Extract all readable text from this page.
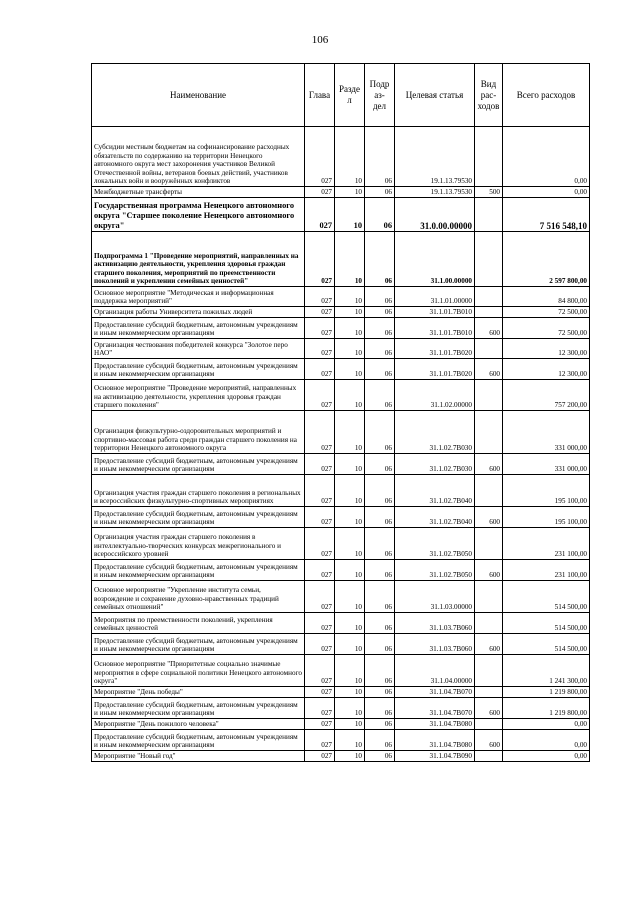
106
Наименование	Глава	Разде л	Подр аз- дел	Целевая статья	Вид рас- ходов	Всего расходов
Субсидии местным бюджетам на софинансирование расходных обязательств по содержанию на территории Ненецкого автономного округа мест захоронения участников Великой Отечественной войны, ветеранов боевых действий, участников локальных войн и вооружённых конфликтов	027	10	06	19.1.13.79530		0,00
Межбюджетные трансферты	027	10	06	19.1.13.79530	500	0,00
Государственная программа Ненецкого автономного округа "Старшее поколение Ненецкого автономного округа"	027	10	06	31.0.00.00000		7 516 548,10
Подпрограмма 1 "Проведение мероприятий, направленных на активизацию деятельности, укрепления здоровья граждан старшего поколения, мероприятий по преемственности поколений и укреплении семейных ценностей"	027	10	06	31.1.00.00000		2 597 800,00
Основное мероприятие "Методическая и информационная поддержка мероприятий"	027	10	06	31.1.01.00000		84 800,00
Организация работы Университета пожилых людей	027	10	06	31.1.01.7В010		72 500,00
Предоставление субсидий бюджетным, автономным учреждениям и иным некоммерческим организациям	027	10	06	31.1.01.7В010	600	72 500,00
Организация чествования победителей конкурса "Золотое перо НАО"	027	10	06	31.1.01.7В020		12 300,00
Предоставление субсидий бюджетным, автономным учреждениям и иным некоммерческим организациям	027	10	06	31.1.01.7В020	600	12 300,00
Основное мероприятие "Проведение мероприятий, направленных на активизацию деятельности, укрепления здоровья граждан старшего поколения"	027	10	06	31.1.02.00000		757 200,00
Организация физкультурно-оздоровительных мероприятий и спортивно-массовая работа среди граждан старшего поколения на территории Ненецкого автономного округа	027	10	06	31.1.02.7В030		331 000,00
Предоставление субсидий бюджетным, автономным учреждениям и иным некоммерческим организациям	027	10	06	31.1.02.7В030	600	331 000,00
Организация участия граждан старшего поколения в региональных и всероссийских физкультурно-спортивных мероприятиях	027	10	06	31.1.02.7В040		195 100,00
Предоставление субсидий бюджетным, автономным учреждениям и иным некоммерческим организациям	027	10	06	31.1.02.7В040	600	195 100,00
Организация участия граждан старшего поколения в интеллектуально-творческих конкурсах межрегионального и всероссийского уровней	027	10	06	31.1.02.7В050		231 100,00
Предоставление субсидий бюджетным, автономным учреждениям и иным некоммерческим организациям	027	10	06	31.1.02.7В050	600	231 100,00
Основное мероприятие "Укрепление института семьи, возрождение и сохранение духовно-нравственных традиций семейных отношений"	027	10	06	31.1.03.00000		514 500,00
Мероприятия по преемственности поколений, укрепления семейных ценностей	027	10	06	31.1.03.7В060		514 500,00
Предоставление субсидий бюджетным, автономным учреждениям и иным некоммерческим организациям	027	10	06	31.1.03.7В060	600	514 500,00
Основное мероприятие "Приоритетные социально значимые мероприятия в сфере социальной политики Ненецкого автономного округа"	027	10	06	31.1.04.00000		1 241 300,00
Мероприятие "День победы"	027	10	06	31.1.04.7В070		1 219 800,00
Предоставление субсидий бюджетным, автономным учреждениям и иным некоммерческим организациям	027	10	06	31.1.04.7В070	600	1 219 800,00
Мероприятие "День пожилого человека"	027	10	06	31.1.04.7В080		0,00
Предоставление субсидий бюджетным, автономным учреждениям и иным некоммерческим организациям	027	10	06	31.1.04.7В080	600	0,00
Мероприятие "Новый год"	027	10	06	31.1.04.7В090		0,00
